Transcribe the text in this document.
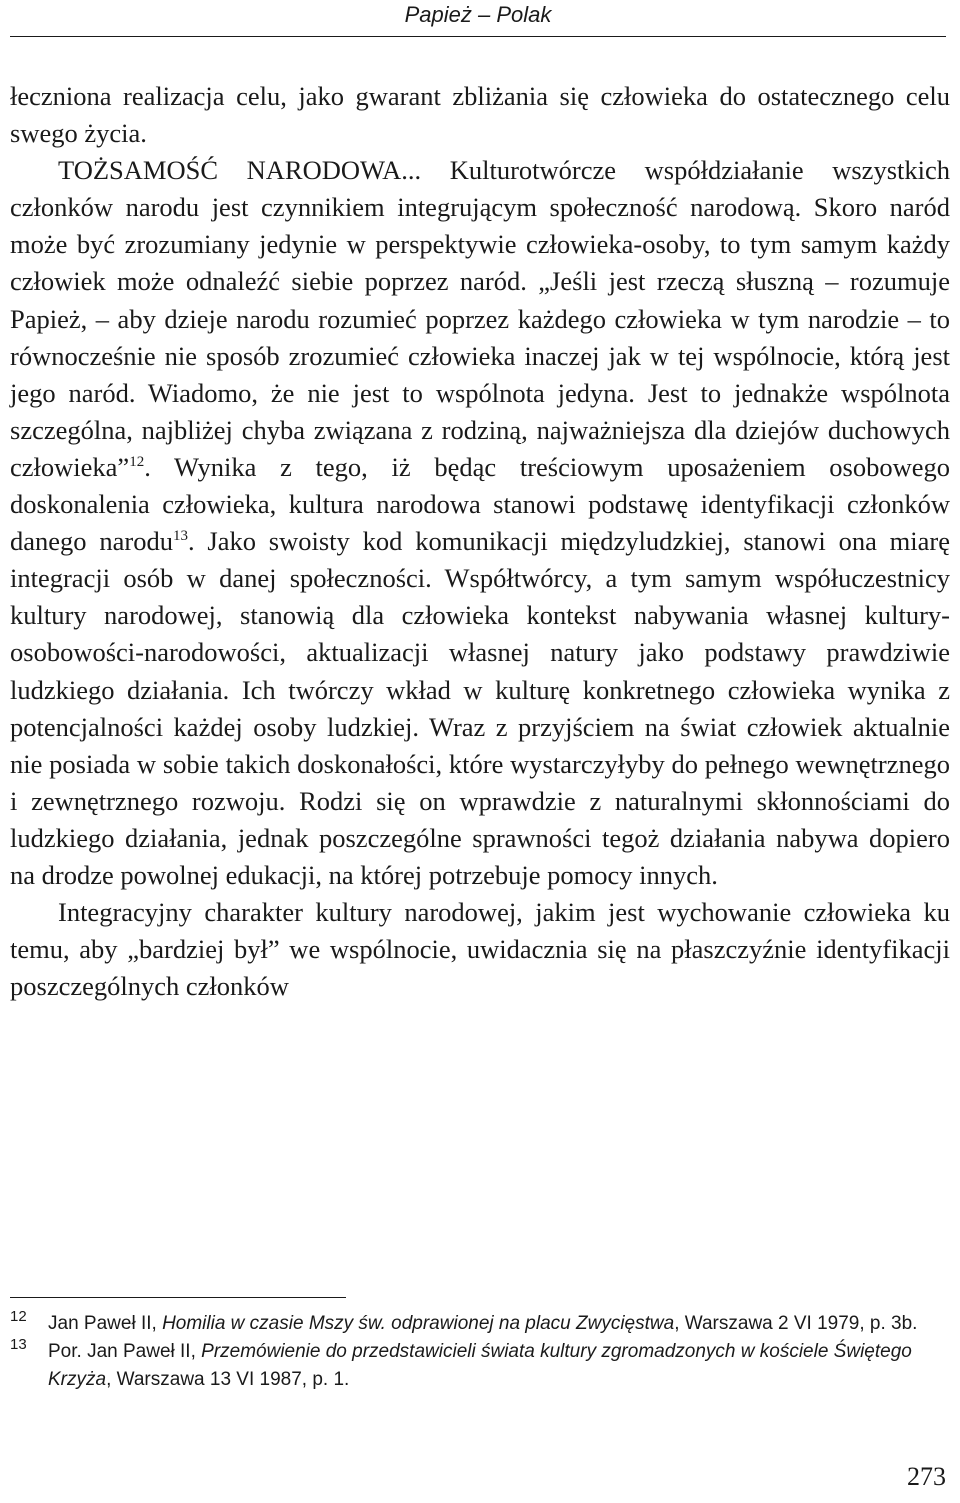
Papież – Polak

łeczniona realizacja celu, jako gwarant zbliżania się człowieka do ostatecznego celu swego życia.

TOŻSAMOŚĆ NARODOWA... Kulturotwórcze współdziałanie wszystkich członków narodu jest czynnikiem integrującym społeczność narodową. Skoro naród może być zrozumiany jedynie w perspektywie człowieka-osoby, to tym samym każdy człowiek może odnaleźć siebie poprzez naród. „Jeśli jest rzeczą słuszną – rozumuje Papież, – aby dzieje narodu rozumieć poprzez każdego człowieka w tym narodzie – to równocześnie nie sposób zrozumieć człowieka inaczej jak w tej wspólnocie, którą jest jego naród. Wiadomo, że nie jest to wspólnota jedyna. Jest to jednakże wspólnota szczególna, najbliżej chyba związana z rodziną, najważniejsza dla dziejów duchowych człowieka”$^{12}$. Wynika z tego, iż będąc treściowym uposażeniem osobowego doskonalenia człowieka, kultura narodowa stanowi podstawę identyfikacji członków danego narodu$^{13}$. Jako swoisty kod komunikacji międzyludzkiej, stanowi ona miarę integracji osób w danej społeczności. Współtwórcy, a tym samym współuczestnicy kultury narodowej, stanowią dla człowieka kontekst nabywania własnej kultury-osobowości-narodowości, aktualizacji własnej natury jako podstawy prawdziwie ludzkiego działania. Ich twórczy wkład w kulturę konkretnego człowieka wynika z potencjalności każdej osoby ludzkiej. Wraz z przyjściem na świat człowiek aktualnie nie posiada w sobie takich doskonałości, które wystarczyłyby do pełnego wewnętrznego i zewnętrznego rozwoju. Rodzi się on wprawdzie z naturalnymi skłonnościami do ludzkiego działania, jednak poszczególne sprawności tegoż działania nabywa dopiero na drodze powolnej edukacji, na której potrzebuje pomocy innych.

Integracyjny charakter kultury narodowej, jakim jest wychowanie człowieka ku temu, aby „bardziej był” we wspólnocie, uwidacznia się na płaszczyźnie identyfikacji poszczególnych członków

12 Jan Paweł II, Homilia w czasie Mszy św. odprawionej na placu Zwycięstwa, Warszawa 2 VI 1979, p. 3b.
13 Por. Jan Paweł II, Przemówienie do przedstawicieli świata kultury zgromadzonych w kościele Świętego Krzyża, Warszawa 13 VI 1987, p. 1.
273
